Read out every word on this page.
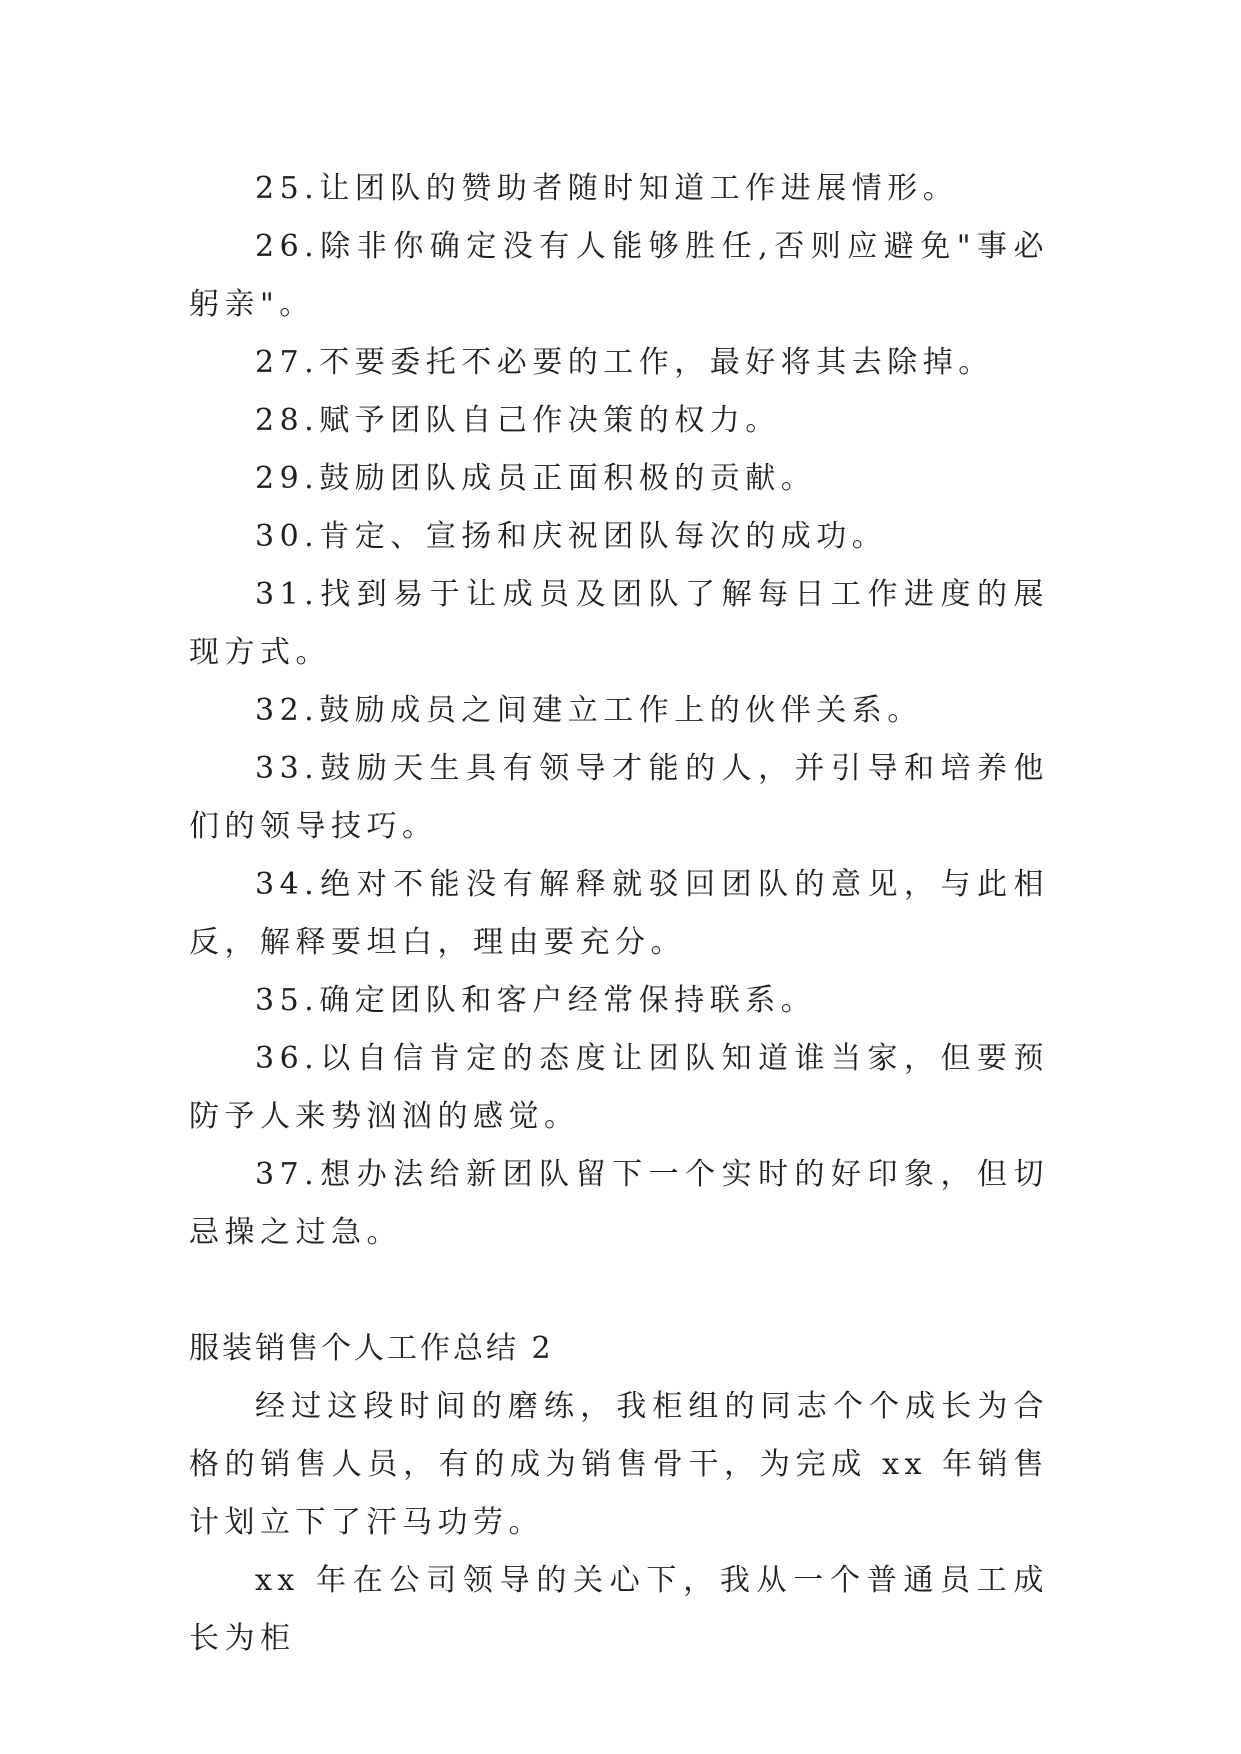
25.让团队的赞助者随时知道工作进展情形。

26.除非你确定没有人能够胜任,否则应避免"事必躬亲"。

27.不要委托不必要的工作，最好将其去除掉。

28.赋予团队自己作决策的权力。

29.鼓励团队成员正面积极的贡献。

30.肯定、宣扬和庆祝团队每次的成功。

31.找到易于让成员及团队了解每日工作进度的展现方式。

32.鼓励成员之间建立工作上的伙伴关系。

33.鼓励天生具有领导才能的人，并引导和培养他们的领导技巧。

34.绝对不能没有解释就驳回团队的意见，与此相反，解释要坦白，理由要充分。

35.确定团队和客户经常保持联系。

36.以自信肯定的态度让团队知道谁当家，但要预防予人来势汹汹的感觉。

37.想办法给新团队留下一个实时的好印象，但切忌操之过急。

服装销售个人工作总结 2

经过这段时间的磨练，我柜组的同志个个成长为合格的销售人员，有的成为销售骨干，为完成 xx 年销售计划立下了汗马功劳。

xx 年在公司领导的关心下，我从一个普通员工成长为柜
